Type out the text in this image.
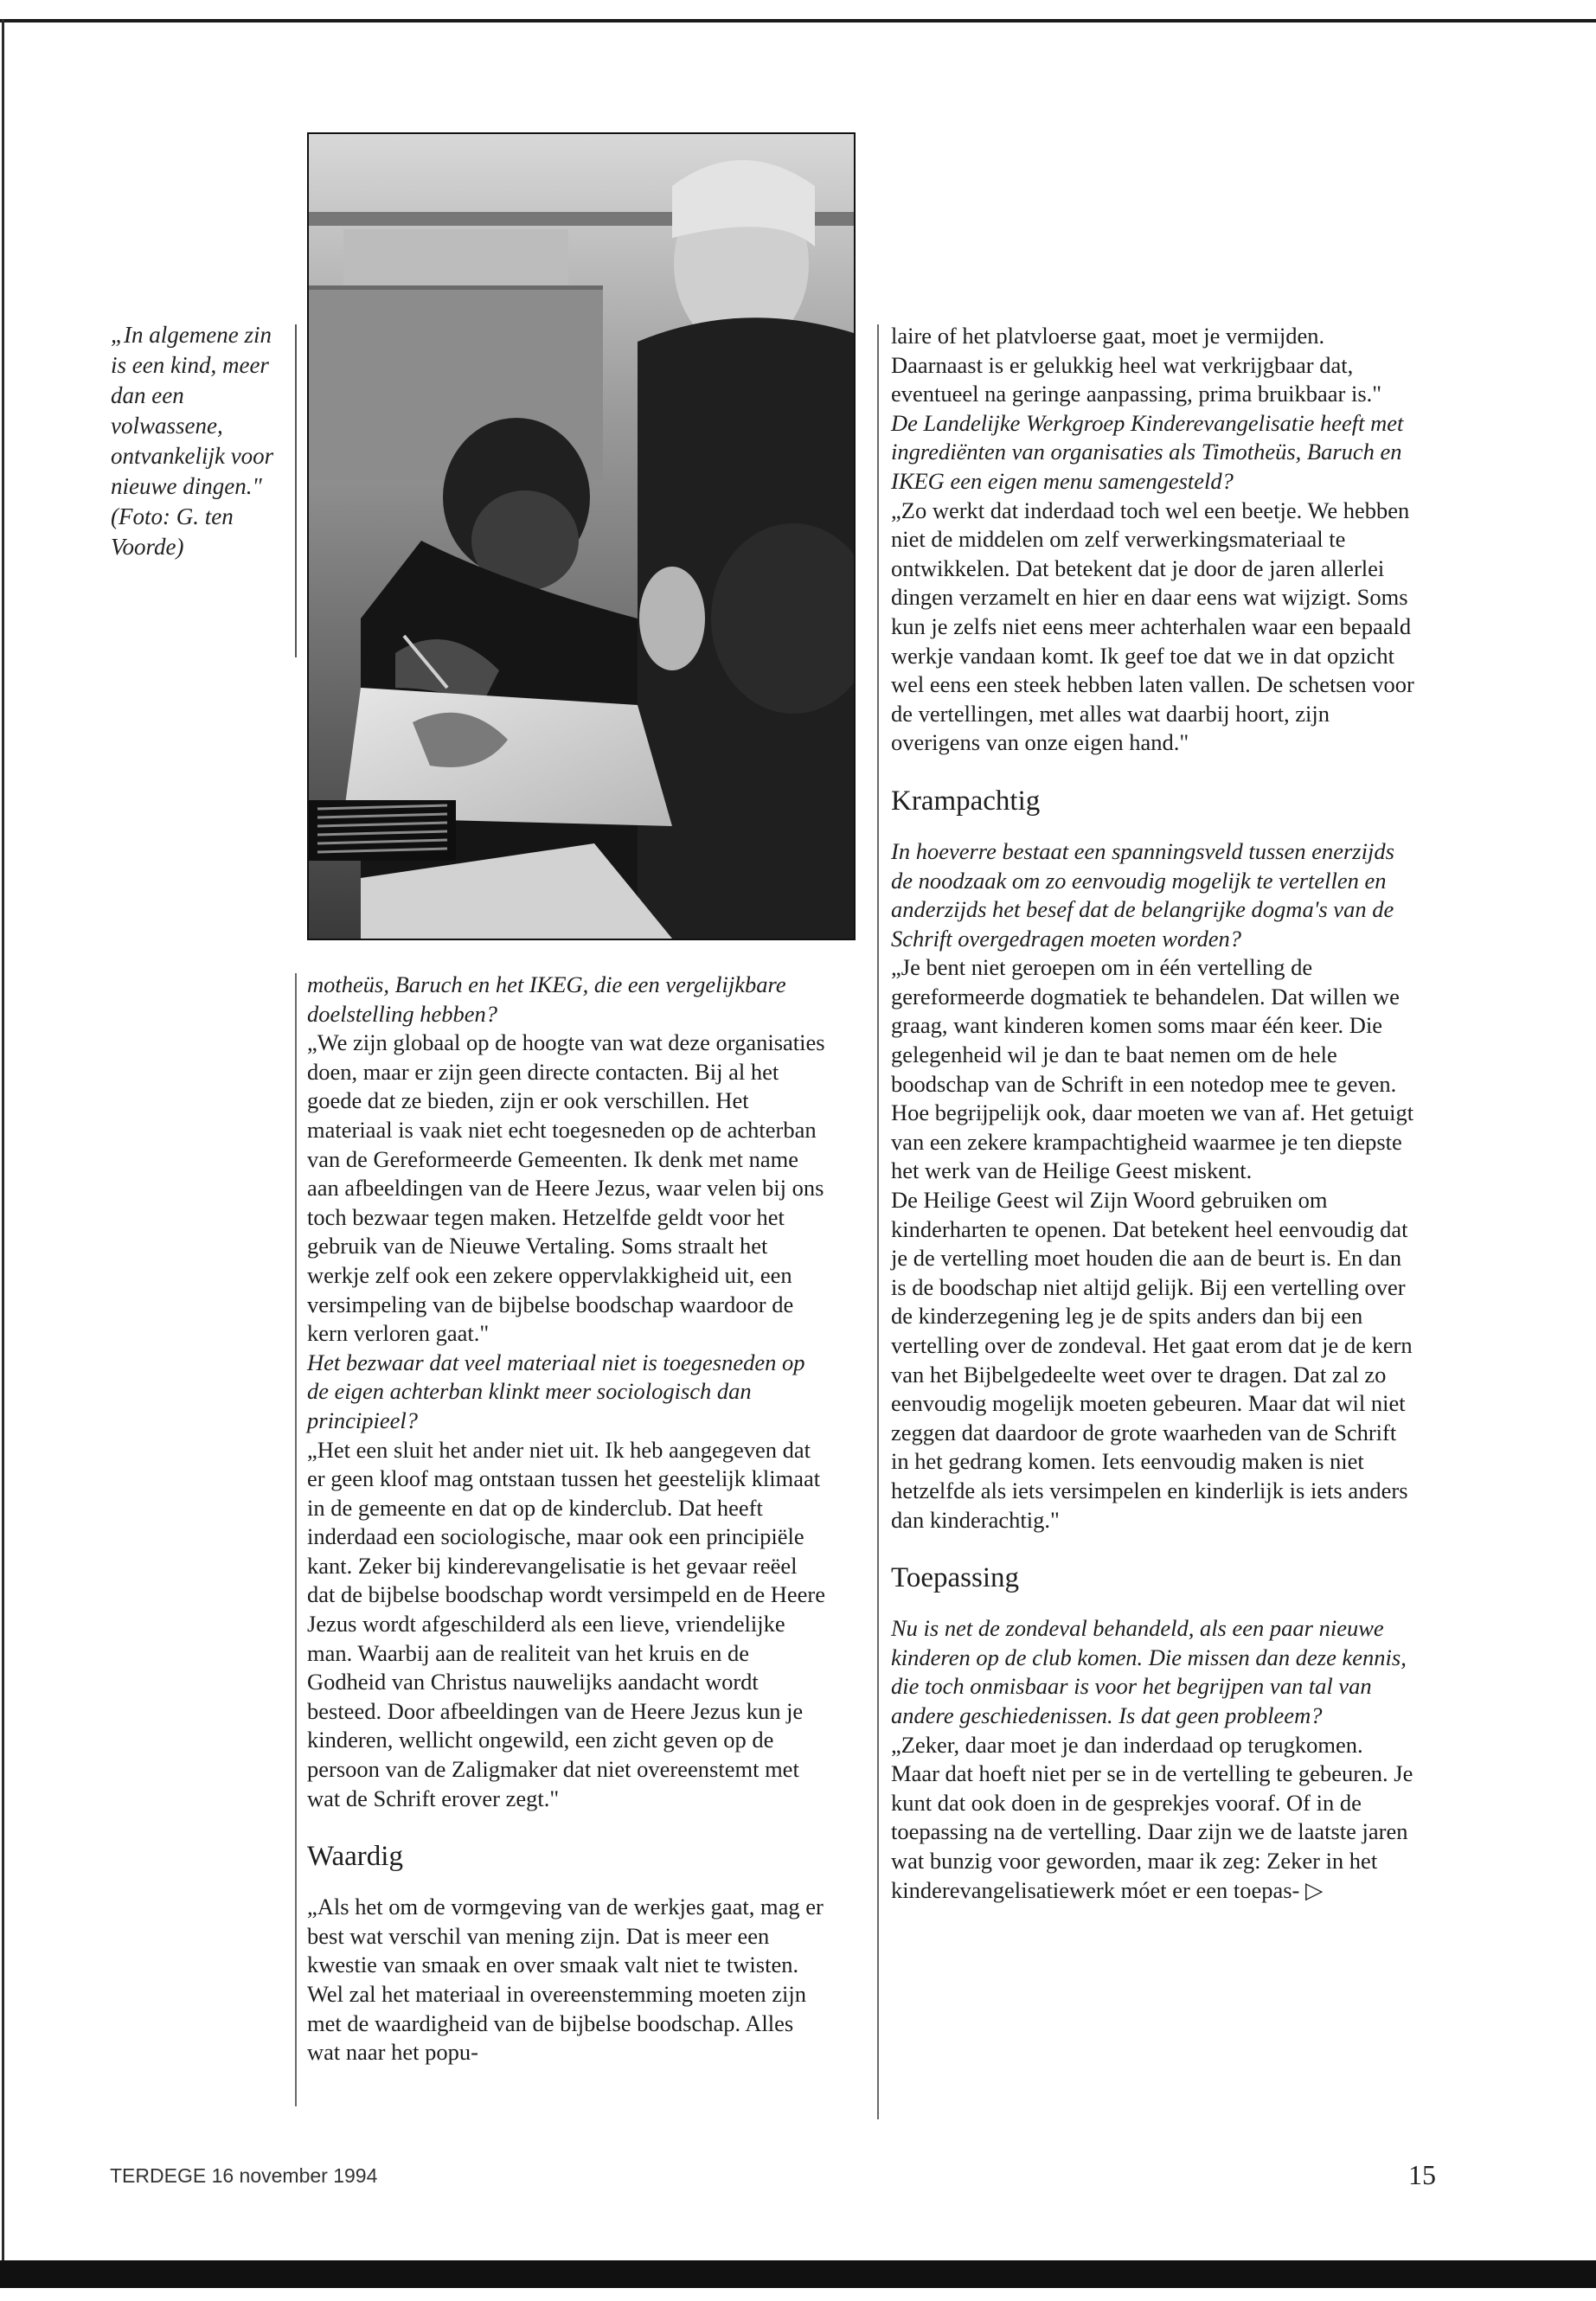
„In algemene zin is een kind, meer dan een volwassene, ontvankelijk voor nieuwe dingen." (Foto: G. ten Voorde)

motheüs, Baruch en het IKEG, die een vergelijkbare doelstelling hebben?

„We zijn globaal op de hoogte van wat deze organisaties doen, maar er zijn geen directe contacten. Bij al het goede dat ze bieden, zijn er ook verschillen. Het materiaal is vaak niet echt toegesneden op de achterban van de Gereformeerde Gemeenten. Ik denk met name aan afbeeldingen van de Heere Jezus, waar velen bij ons toch bezwaar tegen maken. Hetzelfde geldt voor het gebruik van de Nieuwe Vertaling. Soms straalt het werkje zelf ook een zekere oppervlakkigheid uit, een versimpeling van de bijbelse boodschap waardoor de kern verloren gaat."

Het bezwaar dat veel materiaal niet is toegesneden op de eigen achterban klinkt meer sociologisch dan principieel?

„Het een sluit het ander niet uit. Ik heb aangegeven dat er geen kloof mag ontstaan tussen het geestelijk klimaat in de gemeente en dat op de kinderclub. Dat heeft inderdaad een sociologische, maar ook een principiële kant. Zeker bij kinderevangelisatie is het gevaar reëel dat de bijbelse boodschap wordt versimpeld en de Heere Jezus wordt afgeschilderd als een lieve, vriendelijke man. Waarbij aan de realiteit van het kruis en de Godheid van Christus nauwelijks aandacht wordt besteed. Door afbeeldingen van de Heere Jezus kun je kinderen, wellicht ongewild, een zicht geven op de persoon van de Zaligmaker dat niet overeenstemt met wat de Schrift erover zegt."

Waardig

„Als het om de vormgeving van de werkjes gaat, mag er best wat verschil van mening zijn. Dat is meer een kwestie van smaak en over smaak valt niet te twisten. Wel zal het materiaal in overeenstemming moeten zijn met de waardigheid van de bijbelse boodschap. Alles wat naar het popu-

laire of het platvloerse gaat, moet je vermijden. Daarnaast is er gelukkig heel wat verkrijgbaar dat, eventueel na geringe aanpassing, prima bruikbaar is."

De Landelijke Werkgroep Kinderevangelisatie heeft met ingrediënten van organisaties als Timotheüs, Baruch en IKEG een eigen menu samengesteld?

„Zo werkt dat inderdaad toch wel een beetje. We hebben niet de middelen om zelf verwerkingsmateriaal te ontwikkelen. Dat betekent dat je door de jaren allerlei dingen verzamelt en hier en daar eens wat wijzigt. Soms kun je zelfs niet eens meer achterhalen waar een bepaald werkje vandaan komt. Ik geef toe dat we in dat opzicht wel eens een steek hebben laten vallen. De schetsen voor de vertellingen, met alles wat daarbij hoort, zijn overigens van onze eigen hand."

Krampachtig

In hoeverre bestaat een spanningsveld tussen enerzijds de noodzaak om zo eenvoudig mogelijk te vertellen en anderzijds het besef dat de belangrijke dogma's van de Schrift overgedragen moeten worden?

„Je bent niet geroepen om in één vertelling de gereformeerde dogmatiek te behandelen. Dat willen we graag, want kinderen komen soms maar één keer. Die gelegenheid wil je dan te baat nemen om de hele boodschap van de Schrift in een notedop mee te geven. Hoe begrijpelijk ook, daar moeten we van af. Het getuigt van een zekere krampachtigheid waarmee je ten diepste het werk van de Heilige Geest miskent.

De Heilige Geest wil Zijn Woord gebruiken om kinderharten te openen. Dat betekent heel eenvoudig dat je de vertelling moet houden die aan de beurt is. En dan is de boodschap niet altijd gelijk. Bij een vertelling over de kinderzegening leg je de spits anders dan bij een vertelling over de zondeval. Het gaat erom dat je de kern van het Bijbelgedeelte weet over te dragen. Dat zal zo eenvoudig mogelijk moeten gebeuren. Maar dat wil niet zeggen dat daardoor de grote waarheden van de Schrift in het gedrang komen. Iets eenvoudig maken is niet hetzelfde als iets versimpelen en kinderlijk is iets anders dan kinderachtig."

Toepassing

Nu is net de zondeval behandeld, als een paar nieuwe kinderen op de club komen. Die missen dan deze kennis, die toch onmisbaar is voor het begrijpen van tal van andere geschiedenissen. Is dat geen probleem?

„Zeker, daar moet je dan inderdaad op terugkomen. Maar dat hoeft niet per se in de vertelling te gebeuren. Je kunt dat ook doen in de gesprekjes vooraf. Of in de toepassing na de vertelling. Daar zijn we de laatste jaren wat bunzig voor geworden, maar ik zeg: Zeker in het kinderevangelisatiewerk móet er een toepas- ▷

TERDEGE 16 november 1994	15
